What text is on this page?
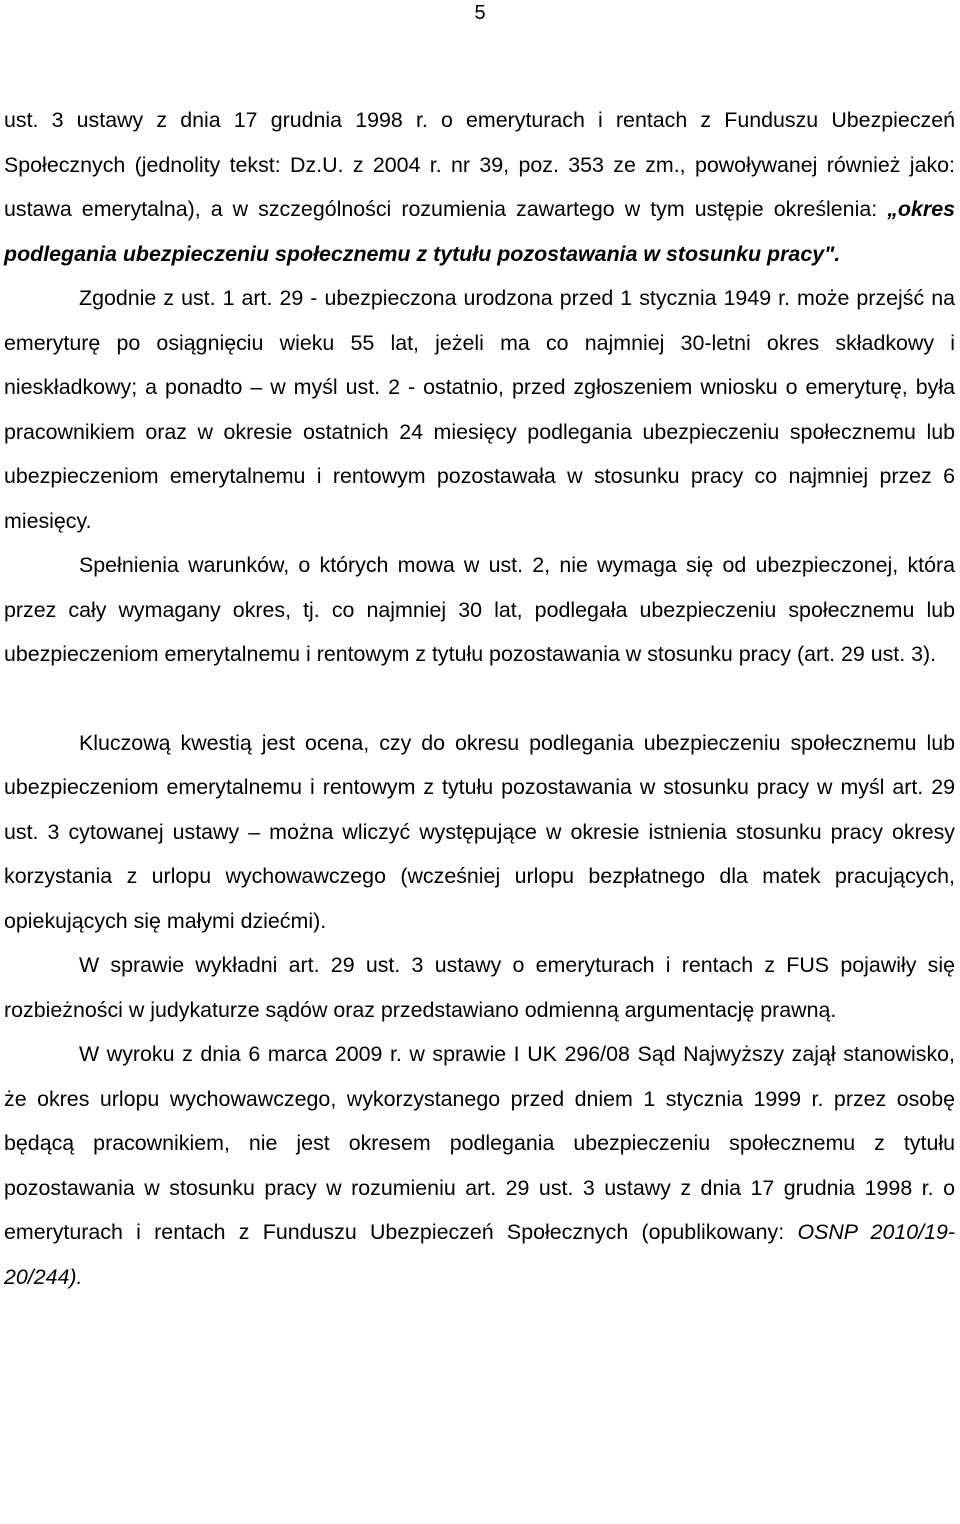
5

ust. 3 ustawy z dnia 17 grudnia 1998 r. o emeryturach i rentach z Funduszu Ubezpieczeń Społecznych (jednolity tekst: Dz.U. z 2004 r. nr 39, poz. 353 ze zm., powoływanej również jako: ustawa emerytalna), a w szczególności rozumienia zawartego w tym ustępie określenia: „okres podlegania ubezpieczeniu społecznemu z tytułu pozostawania w stosunku pracy".

Zgodnie z ust. 1 art. 29 - ubezpieczona urodzona przed 1 stycznia 1949 r. może przejść na emeryturę po osiągnięciu wieku 55 lat, jeżeli ma co najmniej 30-letni okres składkowy i nieskładkowy; a ponadto – w myśl ust. 2 - ostatnio, przed zgłoszeniem wniosku o emeryturę, była pracownikiem oraz w okresie ostatnich 24 miesięcy podlegania ubezpieczeniu społecznemu lub ubezpieczeniom emerytalnemu i rentowym pozostawała w stosunku pracy co najmniej przez 6 miesięcy.

Spełnienia warunków, o których mowa w ust. 2, nie wymaga się od ubezpieczonej, która przez cały wymagany okres, tj. co najmniej 30 lat, podlegała ubezpieczeniu społecznemu lub ubezpieczeniom emerytalnemu i rentowym z tytułu pozostawania w stosunku pracy (art. 29 ust. 3).

Kluczową kwestią jest ocena, czy do okresu podlegania ubezpieczeniu społecznemu lub ubezpieczeniom emerytalnemu i rentowym z tytułu pozostawania w stosunku pracy w myśl art. 29 ust. 3 cytowanej ustawy – można wliczyć występujące w okresie istnienia stosunku pracy okresy korzystania z urlopu wychowawczego (wcześniej urlopu bezpłatnego dla matek pracujących, opiekujących się małymi dziećmi).

W sprawie wykładni art. 29 ust. 3 ustawy o emeryturach i rentach z FUS pojawiły się rozbieżności w judykaturze sądów oraz przedstawiano odmienną argumentację prawną.

W wyroku z dnia 6 marca 2009 r. w sprawie I UK 296/08 Sąd Najwyższy zajął stanowisko, że okres urlopu wychowawczego, wykorzystanego przed dniem 1 stycznia 1999 r. przez osobę będącą pracownikiem, nie jest okresem podlegania ubezpieczeniu społecznemu z tytułu pozostawania w stosunku pracy w rozumieniu art. 29 ust. 3 ustawy z dnia 17 grudnia 1998 r. o emeryturach i rentach z Funduszu Ubezpieczeń Społecznych (opublikowany: OSNP 2010/19-20/244).
